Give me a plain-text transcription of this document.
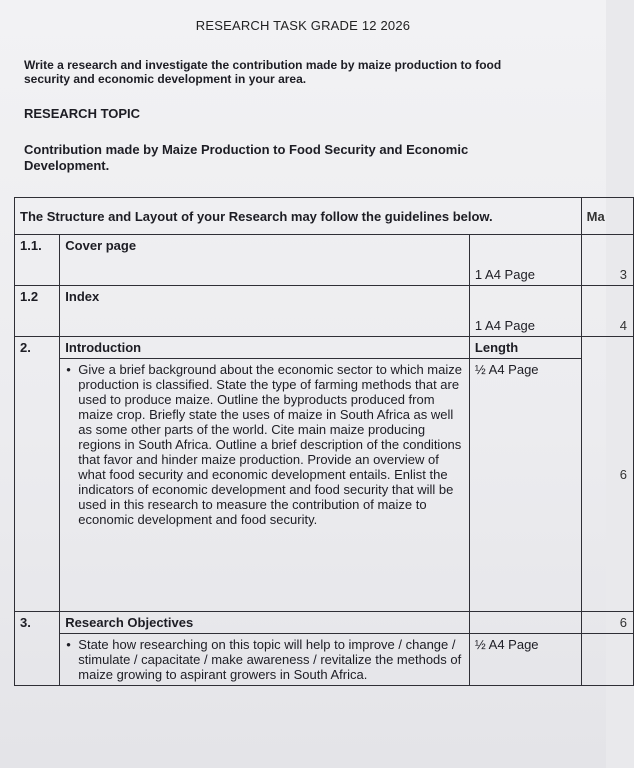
RESEARCH TASK GRADE 12 2026
Write a research and investigate the contribution made by maize production to food
security and economic development in your area.
RESEARCH TOPIC
Contribution made by Maize Production to Food Security and Economic Development.
The Structure and Layout of your Research may follow the guidelines below.			Ma
1.1.	Cover page	1 A4 Page	3
1.2	Index	1 A4 Page	4
2.	Introduction	Length	6

	• Give a brief background about the economic sector to which maize production is classified. State the type of farming methods that are used to produce maize. Outline the byproducts produced from maize crop. Briefly state the uses of maize in South Africa as well as some other parts of the world. Cite main maize producing regions in South Africa. Outline a brief description of the conditions that favor and hinder maize production. Provide an overview of what food security and economic development entails. Enlist the indicators of economic development and food security that will be used in this research to measure the contribution of maize to economic development and food security.	½ A4 Page	
3.	Research Objectives		6

	• State how researching on this topic will help to improve / change / stimulate / capacitate / make awareness / revitalize the methods of maize growing to aspirant growers in South Africa.	½ A4 Page	
